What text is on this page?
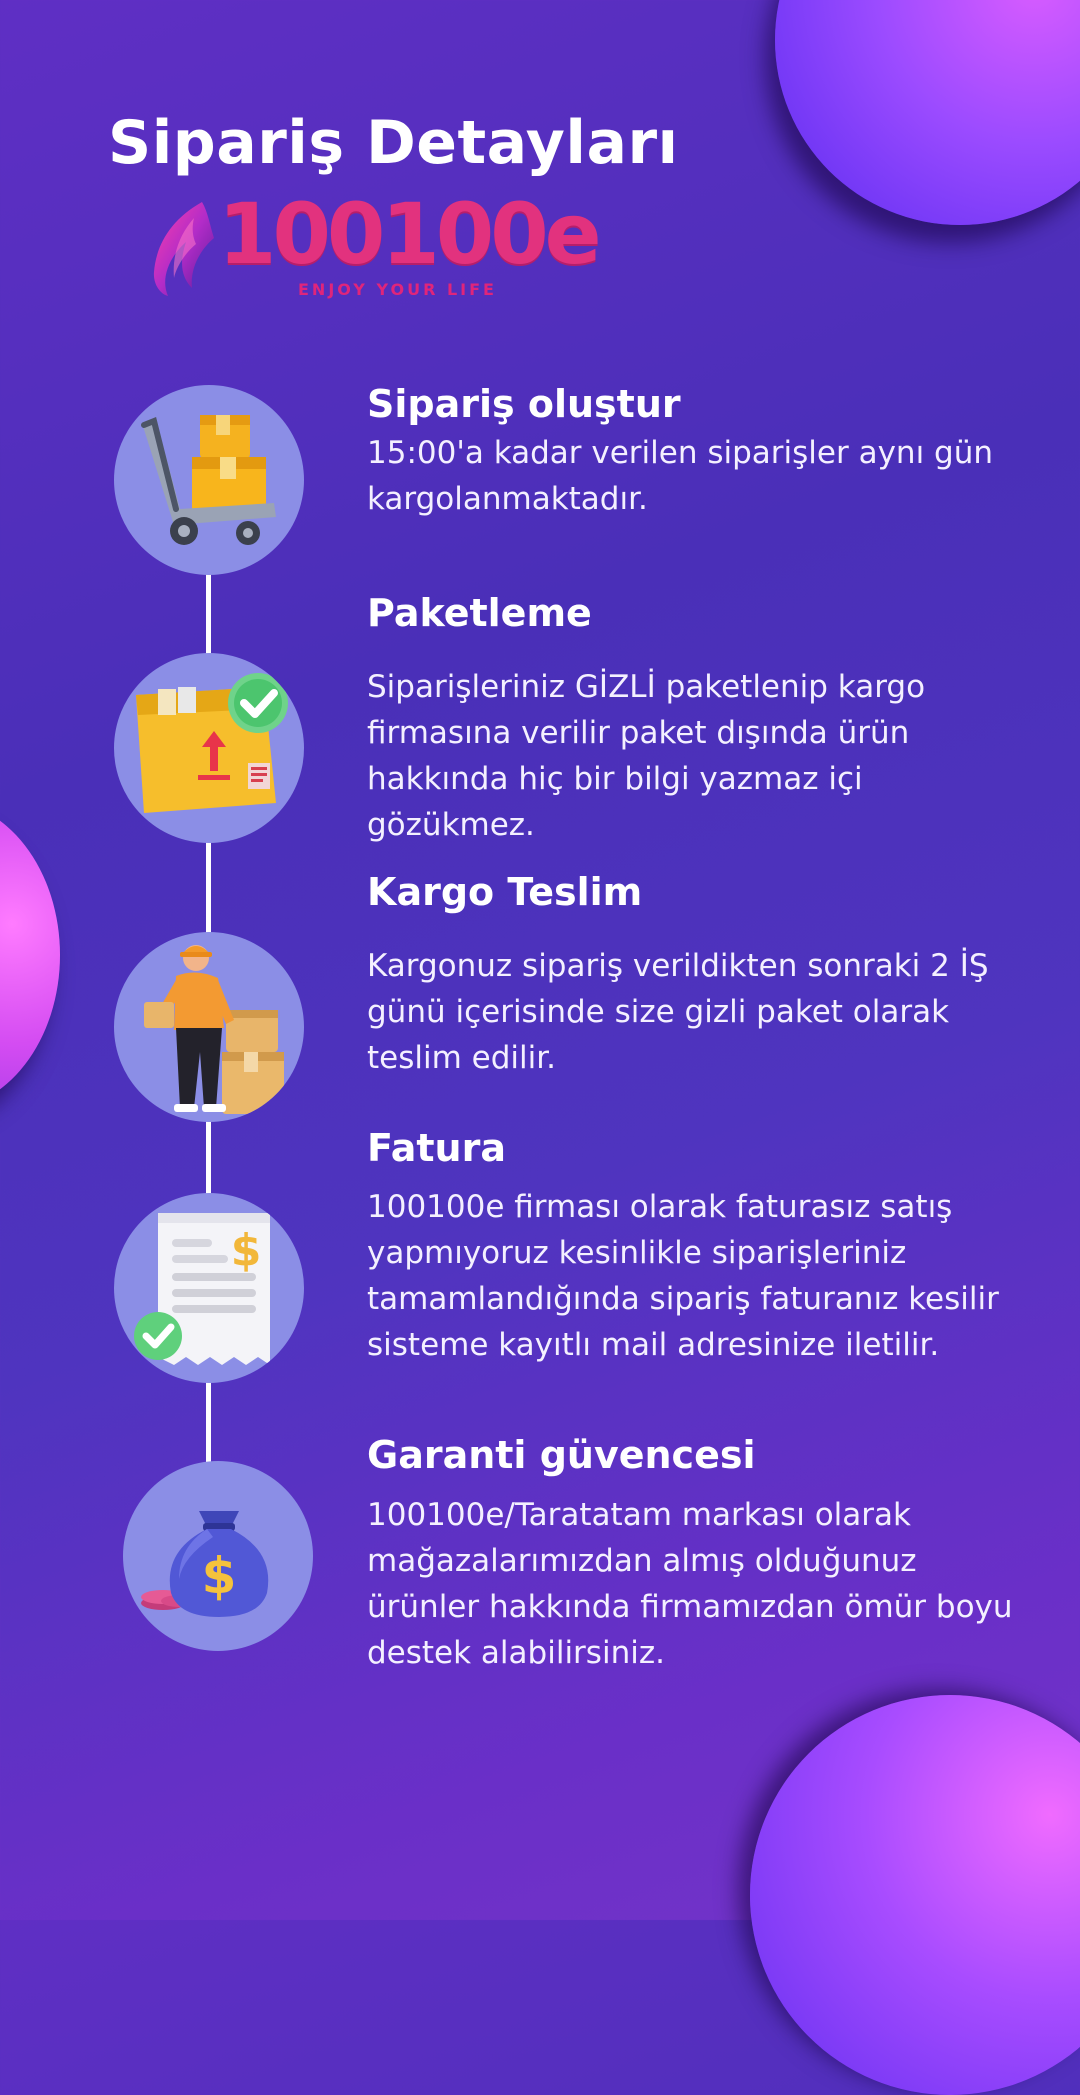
Sipariş Detayları
100100e
ENJOY YOUR LIFE
Sipariş oluştur

15:00'a kadar verilen siparişler aynı gün kargolanmaktadır.

Paketleme

Siparişleriniz GİZLİ paketlenip kargo firmasına verilir paket dışında ürün hakkında hiç bir bilgi yazmaz içi gözükmez.

Kargo Teslim

Kargonuz sipariş verildikten sonraki 2 İŞ günü içerisinde size gizli paket olarak teslim edilir.

$
Fatura

100100e firması olarak faturasız satış yapmıyoruz kesinlikle siparişleriniz tamamlandığında sipariş faturanız kesilir sisteme kayıtlı mail adresinize iletilir.

$
Garanti güvencesi

100100e/Taratatam markası olarak mağazalarımızdan almış olduğunuz ürünler hakkında firmamızdan ömür boyu destek alabilirsiniz.
